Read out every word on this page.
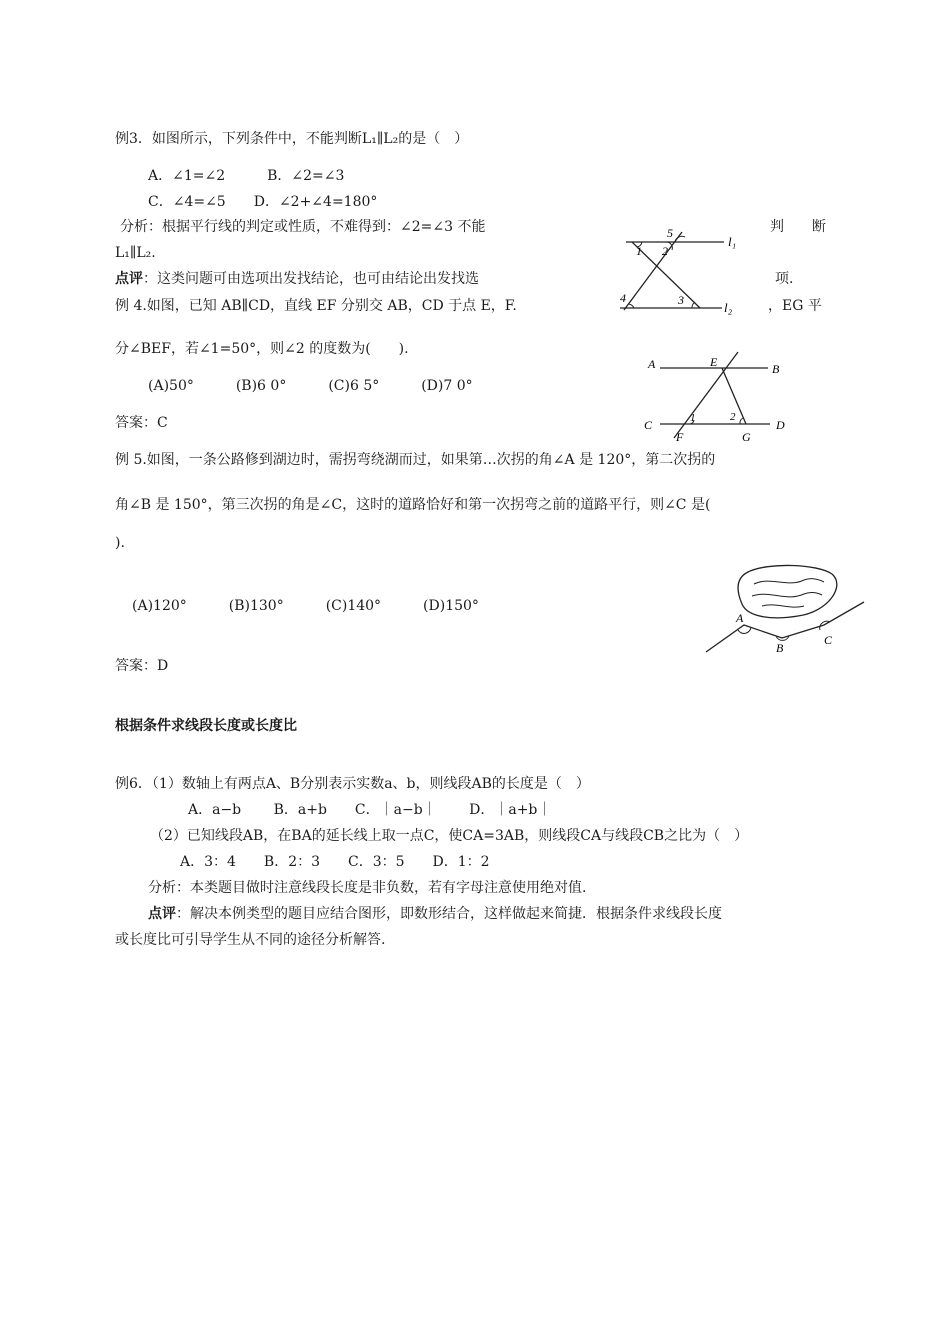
例3．如图所示，下列条件中，不能判断L₁∥L₂的是（　）
A．∠1=∠2　　　B．∠2=∠3
C．∠4=∠5　　D．∠2+∠4=180°
分析：根据平行线的判定或性质，不难得到：∠2=∠3 不能	判　　断
L₁∥L₂.
点评：这类问题可由选项出发找结论，也可由结论出发找选	项.
5
1 2
l₁
4	3	l₂
例 4.如图，已知 AB∥CD，直线 EF 分别交 AB，CD 于点 E，F.	，EG 平
分∠BEF，若∠1=50°，则∠2 的度数为(　　).
(A)50°　　　(B)6 0°　　　(C)6 5°　　　(D)7 0°
答案：C
A	E	B
C	1	2
D
F	G
例 5.如图，一条公路修到湖边时，需拐弯绕湖而过，如果第…次拐的角∠A 是 120°，第二次拐的
角∠B 是 150°，第三次拐的角是∠C，这时的道路恰好和第一次拐弯之前的道路平行，则∠C 是(
).
(A)120°　　　(B)130°　　　(C)140°　　　(D)150°
答案：D
A
B
C
根据条件求线段长度或长度比
例6．（1）数轴上有两点A、B分别表示实数a、b，则线段AB的长度是（　）
A．a−b　　 B．a+b　　C．｜a−b｜　　 D．｜a+b｜
（2）已知线段AB，在BA的延长线上取一点C，使CA=3AB，则线段CA与线段CB之比为（　）
A．3：4　　B．2：3　　C．3：5　　D．1：2
分析：本类题目做时注意线段长度是非负数，若有字母注意使用绝对值.
点评：解决本例类型的题目应结合图形，即数形结合，这样做起来简捷．根据条件求线段长度
或长度比可引导学生从不同的途径分析解答.
